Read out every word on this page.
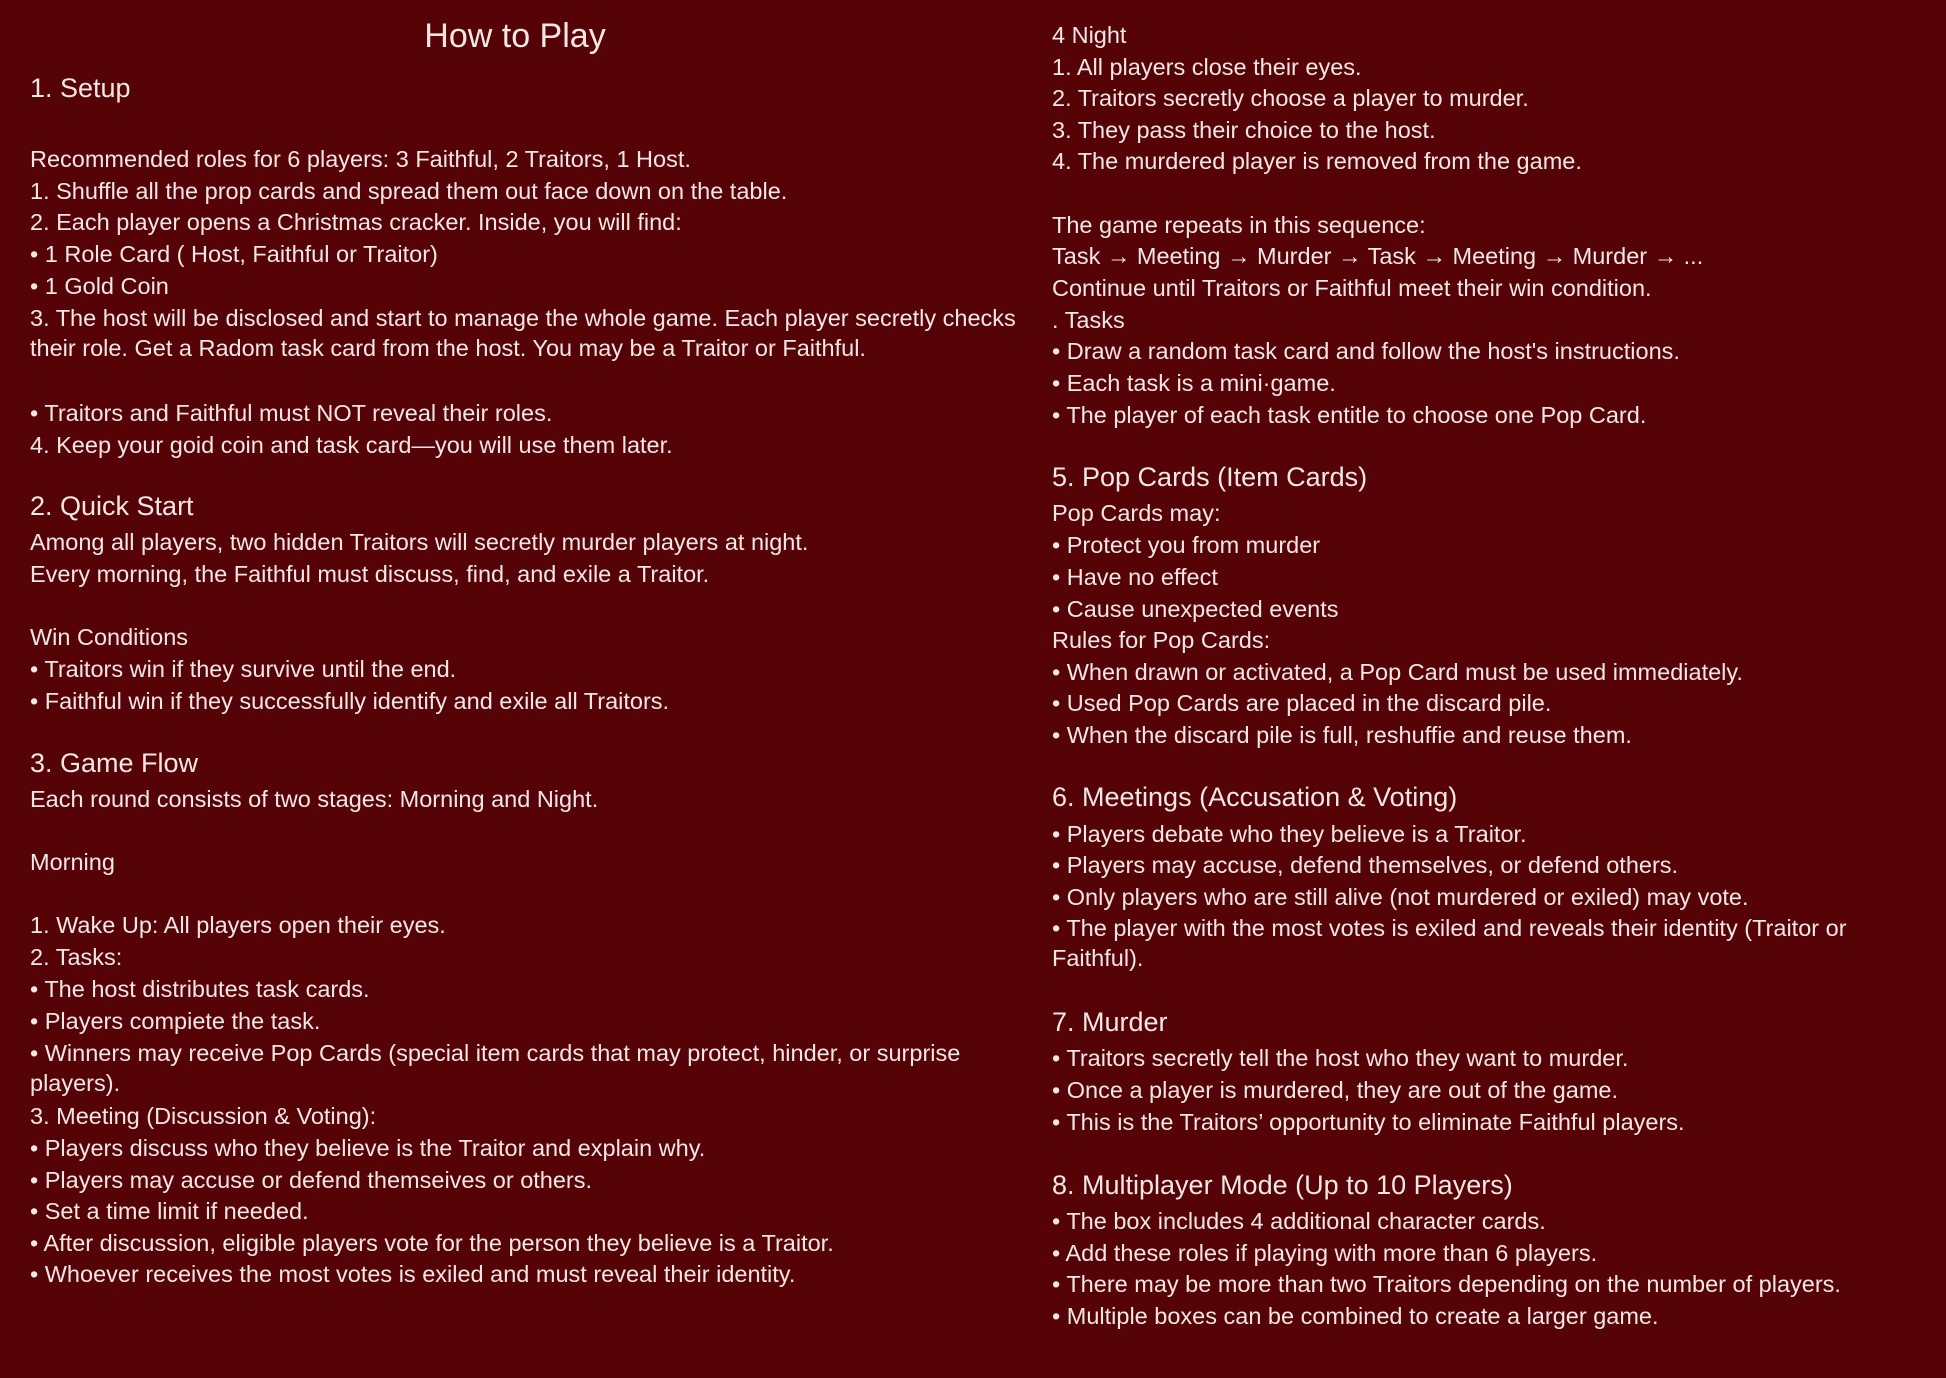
How to Play
1. Setup
Recommended roles for 6 players: 3 Faithful, 2 Traitors, 1 Host.
1. Shuffle all the prop cards and spread them out face down on the table.
2. Each player opens a Christmas cracker. Inside, you will find:
• 1 Role Card ( Host, Faithful or Traitor)
• 1 Gold Coin
3. The host will be disclosed and start to manage the whole game. Each player secretly checks their role. Get a Radom task card from the host. You may be a Traitor or Faithful.
• Traitors and Faithful must NOT reveal their roles.
4. Keep your goid coin and task card—you will use them later.
2. Quick Start
Among all players, two hidden Traitors will secretly murder players at night.
Every morning, the Faithful must discuss, find, and exile a Traitor.
Win Conditions
• Traitors win if they survive until the end.
• Faithful win if they successfully identify and exile all Traitors.
3. Game Flow
Each round consists of two stages: Morning and Night.
Morning
1. Wake Up: All players open their eyes.
2. Tasks:
• The host distributes task cards.
• Players compiete the task.
• Winners may receive Pop Cards (special item cards that may protect, hinder, or surprise players).
3. Meeting (Discussion & Voting):
• Players discuss who they believe is the Traitor and explain why.
• Players may accuse or defend themseives or others.
• Set a time limit if needed.
• After discussion, eligible players vote for the person they believe is a Traitor.
• Whoever receives the most votes is exiled and must reveal their identity.
4 Night
1. All players close their eyes.
2. Traitors secretly choose a player to murder.
3. They pass their choice to the host.
4. The murdered player is removed from the game.
The game repeats in this sequence:
Task → Meeting → Murder → Task → Meeting → Murder → ...
Continue until Traitors or Faithful meet their win condition.
. Tasks
• Draw a random task card and follow the host's instructions.
• Each task is a mini·game.
• The player of each task entitle to choose one Pop Card.
5. Pop Cards (Item Cards)
Pop Cards may:
• Protect you from murder
• Have no effect
• Cause unexpected events
Rules for Pop Cards:
• When drawn or activated, a Pop Card must be used immediately.
• Used Pop Cards are placed in the discard pile.
• When the discard pile is full, reshuffie and reuse them.
6. Meetings (Accusation & Voting)
• Players debate who they believe is a Traitor.
• Players may accuse, defend themselves, or defend others.
• Only players who are still alive (not murdered or exiled) may vote.
• The player with the most votes is exiled and reveals their identity (Traitor or Faithful).
7. Murder
• Traitors secretly tell the host who they want to murder.
• Once a player is murdered, they are out of the game.
• This is the Traitors’ opportunity to eliminate Faithful players.
8. Multiplayer Mode (Up to 10 Players)
• The box includes 4 additional character cards.
• Add these roles if playing with more than 6 players.
• There may be more than two Traitors depending on the number of players.
• Multiple boxes can be combined to create a larger game.
